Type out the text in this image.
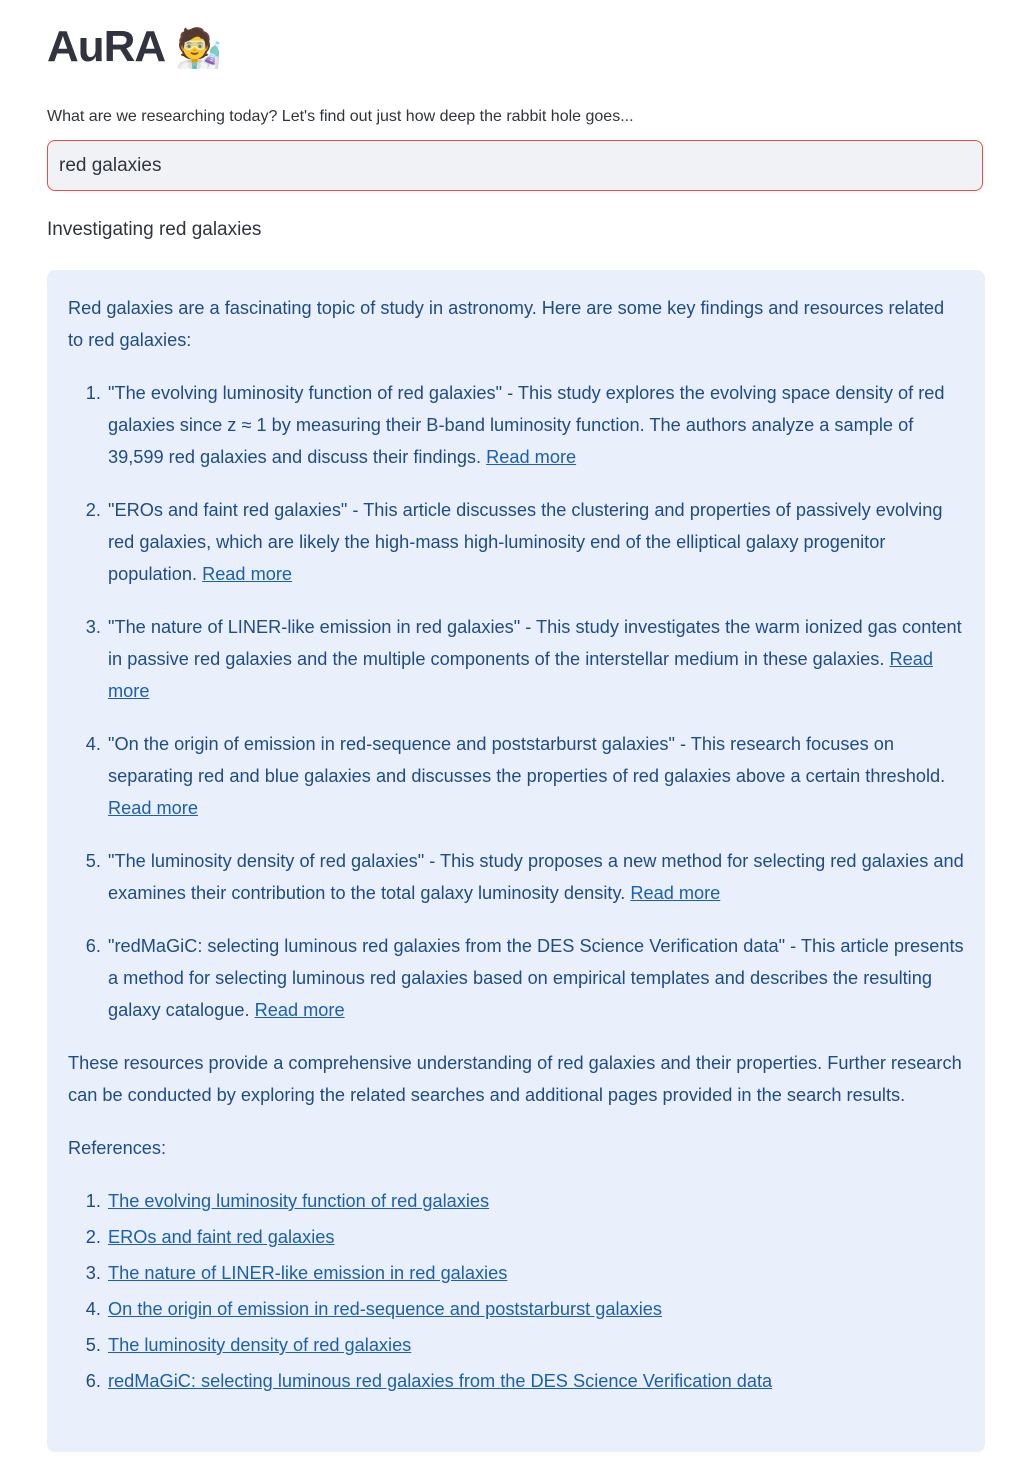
AuRA 🧑‍🔬
What are we researching today? Let's find out just how deep the rabbit hole goes...
red galaxies
Investigating red galaxies

Red galaxies are a fascinating topic of study in astronomy. Here are some key findings and resources related to red galaxies:

1. "The evolving luminosity function of red galaxies" - This study explores the evolving space density of red galaxies since z ≈ 1 by measuring their B-band luminosity function. The authors analyze a sample of 39,599 red galaxies and discuss their findings. Read more
2. "EROs and faint red galaxies" - This article discusses the clustering and properties of passively evolving red galaxies, which are likely the high-mass high-luminosity end of the elliptical galaxy progenitor population. Read more
3. "The nature of LINER-like emission in red galaxies" - This study investigates the warm ionized gas content in passive red galaxies and the multiple components of the interstellar medium in these galaxies. Read more
4. "On the origin of emission in red-sequence and poststarburst galaxies" - This research focuses on separating red and blue galaxies and discusses the properties of red galaxies above a certain threshold. Read more
5. "The luminosity density of red galaxies" - This study proposes a new method for selecting red galaxies and examines their contribution to the total galaxy luminosity density. Read more
6. "redMaGiC: selecting luminous red galaxies from the DES Science Verification data" - This article presents a method for selecting luminous red galaxies based on empirical templates and describes the resulting galaxy catalogue. Read more

These resources provide a comprehensive understanding of red galaxies and their properties. Further research can be conducted by exploring the related searches and additional pages provided in the search results.

References:

1. The evolving luminosity function of red galaxies
2. EROs and faint red galaxies
3. The nature of LINER-like emission in red galaxies
4. On the origin of emission in red-sequence and poststarburst galaxies
5. The luminosity density of red galaxies
6. redMaGiC: selecting luminous red galaxies from the DES Science Verification data
